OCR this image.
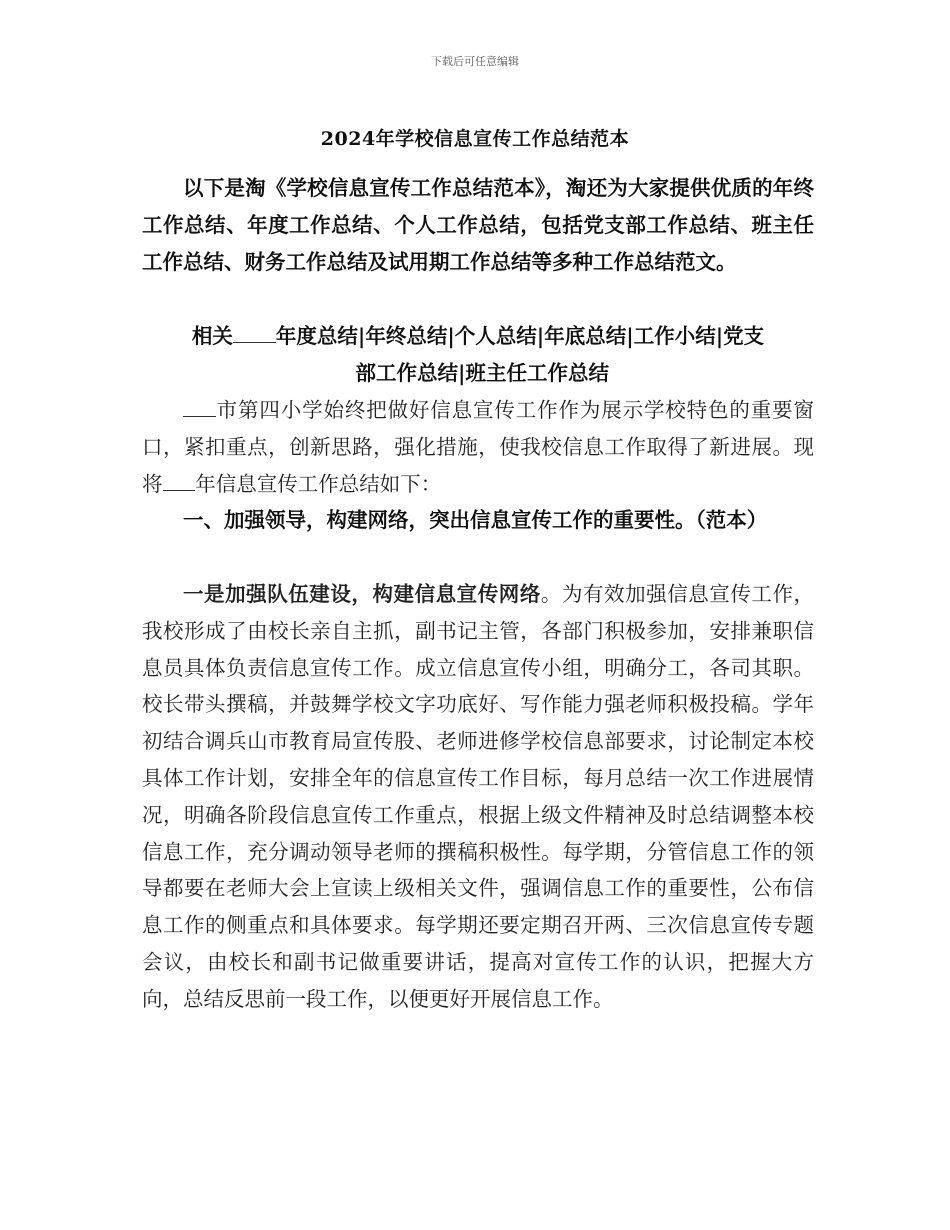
下载后可任意编辑
2024年学校信息宣传工作总结范本

以下是淘《学校信息宣传工作总结范本》，淘还为大家提供优质的年终工作总结、年度工作总结、个人工作总结，包括党支部工作总结、班主任工作总结、财务工作总结及试用期工作总结等多种工作总结范文。

相关 年度总结|年终总结|个人总结|年底总结|工作小结|党支
部工作总结|班主任工作总结

市第四小学始终把做好信息宣传工作作为展示学校特色的重要窗口，紧扣重点，创新思路，强化措施，使我校信息工作取得了新进展。现将 年信息宣传工作总结如下：

一、加强领导，构建网络，突出信息宣传工作的重要性。（范本）

一是加强队伍建设，构建信息宣传网络。为有效加强信息宣传工作，我校形成了由校长亲自主抓，副书记主管，各部门积极参加，安排兼职信息员具体负责信息宣传工作。成立信息宣传小组，明确分工，各司其职。校长带头撰稿，并鼓舞学校文字功底好、写作能力强老师积极投稿。学年初结合调兵山市教育局宣传股、老师进修学校信息部要求，讨论制定本校具体工作计划，安排全年的信息宣传工作目标，每月总结一次工作进展情况，明确各阶段信息宣传工作重点，根据上级文件精神及时总结调整本校信息工作，充分调动领导老师的撰稿积极性。每学期，分管信息工作的领导都要在老师大会上宣读上级相关文件，强调信息工作的重要性，公布信息工作的侧重点和具体要求。每学期还要定期召开两、三次信息宣传专题会议，由校长和副书记做重要讲话，提高对宣传工作的认识，把握大方向，总结反思前一段工作，以便更好开展信息工作。
